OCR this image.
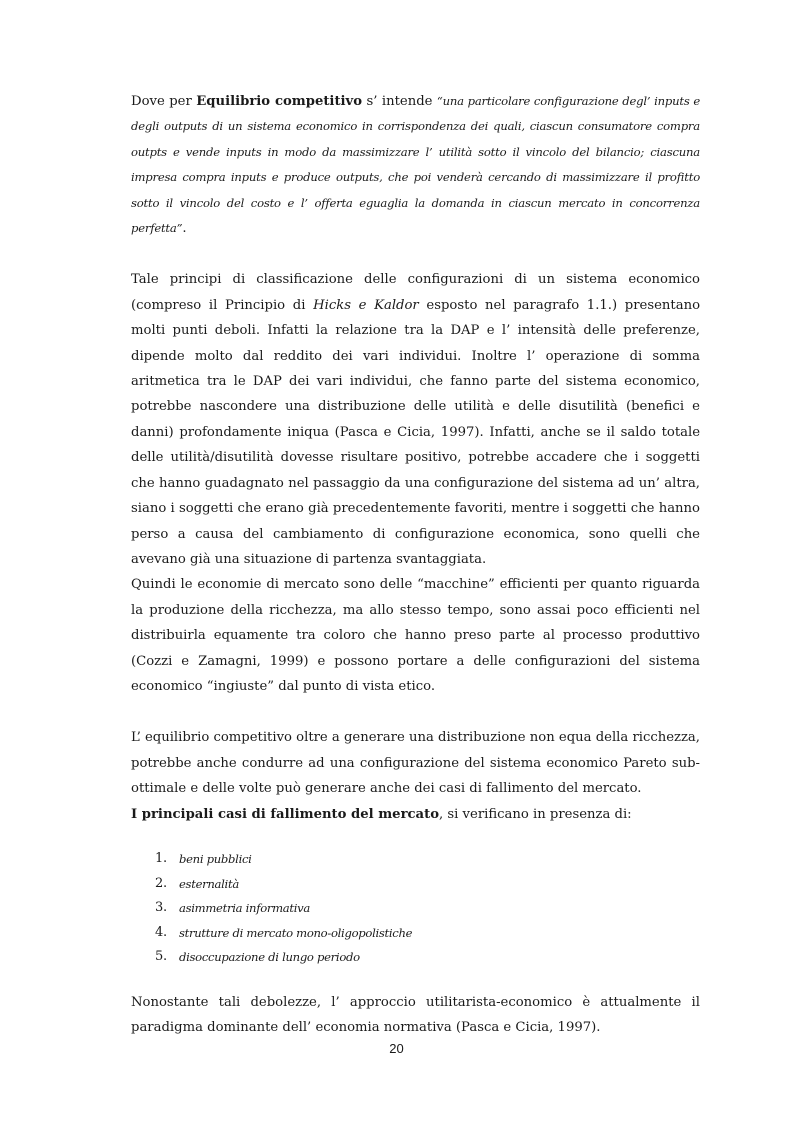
Dove per Equilibrio competitivo s’ intende “una particolare configurazione degl’ inputs e degli outputs di un sistema economico in corrispondenza dei quali, ciascun consumatore compra outpts e vende inputs in modo da massimizzare l’ utilità sotto il vincolo del bilancio; ciascuna impresa compra inputs e produce outputs, che poi venderà cercando di massimizzare il profitto sotto il vincolo del costo e l’ offerta eguaglia la domanda in ciascun mercato in concorrenza perfetta”.

Tale principi di classificazione delle configurazioni di un sistema economico (compreso il Principio di Hicks e Kaldor esposto nel paragrafo 1.1.) presentano molti punti deboli. Infatti la relazione tra la DAP e l’ intensità delle preferenze, dipende molto dal reddito dei vari individui. Inoltre l’ operazione di somma aritmetica tra le DAP dei vari individui, che fanno parte del sistema economico, potrebbe nascondere una distribuzione delle utilità e delle disutilità (benefici e danni) profondamente iniqua (Pasca e Cicia, 1997). Infatti, anche se il saldo totale delle utilità/disutilità dovesse risultare positivo, potrebbe accadere che i soggetti che hanno guadagnato nel passaggio da una configurazione del sistema ad un’ altra, siano i soggetti che erano già precedentemente favoriti, mentre i soggetti che hanno perso a causa del cambiamento di configurazione economica, sono quelli che avevano già una situazione di partenza svantaggiata.

Quindi le economie di mercato sono delle “macchine” efficienti per quanto riguarda la produzione della ricchezza, ma allo stesso tempo, sono assai poco efficienti nel distribuirla equamente tra coloro che hanno preso parte al processo produttivo (Cozzi e Zamagni, 1999) e possono portare a delle configurazioni del sistema economico “ingiuste” dal punto di vista etico.

L’ equilibrio competitivo oltre a generare una distribuzione non equa della ricchezza, potrebbe anche condurre ad una configurazione del sistema economico Pareto sub-ottimale e delle volte può generare anche dei casi di fallimento del mercato.

I principali casi di fallimento del mercato, si verificano in presenza di:

1. beni pubblici
2. esternalità
3. asimmetria informativa
4. strutture di mercato mono-oligopolistiche
5. disoccupazione di lungo periodo

Nonostante tali debolezze, l’ approccio utilitarista-economico è attualmente il paradigma dominante dell’ economia normativa (Pasca e Cicia, 1997).

20
